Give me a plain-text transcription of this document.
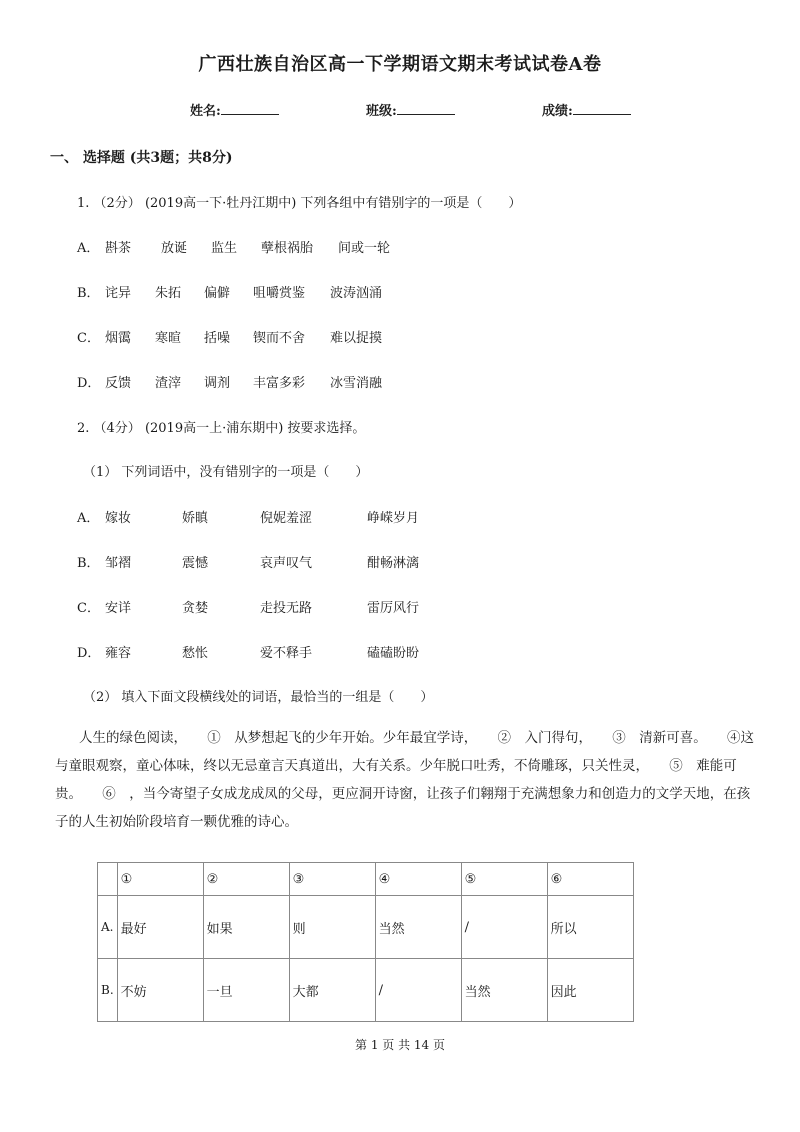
广西壮族自治区高一下学期语文期末考试试卷A卷
姓名:	班级:	成绩:
一、 选择题 (共3题；共8分)
1. （2分） (2019高一下·牡丹江期中) 下列各组中有错别字的一项是（　　）
A． 斟茶 放诞 监生 孽根祸胎 间或一轮
B． 诧异 朱拓 偏僻 咀嚼赏鉴 波涛汹涌
C． 烟霭 寒暄 括噪 锲而不舍 难以捉摸
D． 反馈 渣滓 调剂 丰富多彩 冰雪消融
2. （4分） (2019高一上·浦东期中) 按要求选择。
（1） 下列词语中，没有错别字的一项是（　　）
A． 嫁妆	娇瞋	倪妮羞涩	峥嵘岁月
B． 邹褶	震憾	哀声叹气	酣畅淋漓
C． 安详	贪婪	走投无路	雷厉风行
D． 雍容	愁怅	爱不释手	磕磕盼盼
（2） 填入下面文段横线处的词语，最恰当的一组是（　　）
人生的绿色阅读，　　①　从梦想起飞的少年开始。少年最宜学诗，　　②　入门得句，　　③　清新可喜。　　④这与童眼观察，童心体味，终以无忌童言天真道出，大有关系。少年脱口吐秀，不倚雕琢，只关性灵，　　⑤　难能可贵。　　⑥　，当今寄望子女成龙成凤的父母，更应洞开诗窗，让孩子们翱翔于充满想象力和创造力的文学天地，在孩子的人生初始阶段培育一颗优雅的诗心。
	①	②	③	④	⑤	⑥
A.	最好	如果	则	当然	/	所以
B.	不妨	一旦	大都	/	当然	因此
第 1 页 共 14 页
